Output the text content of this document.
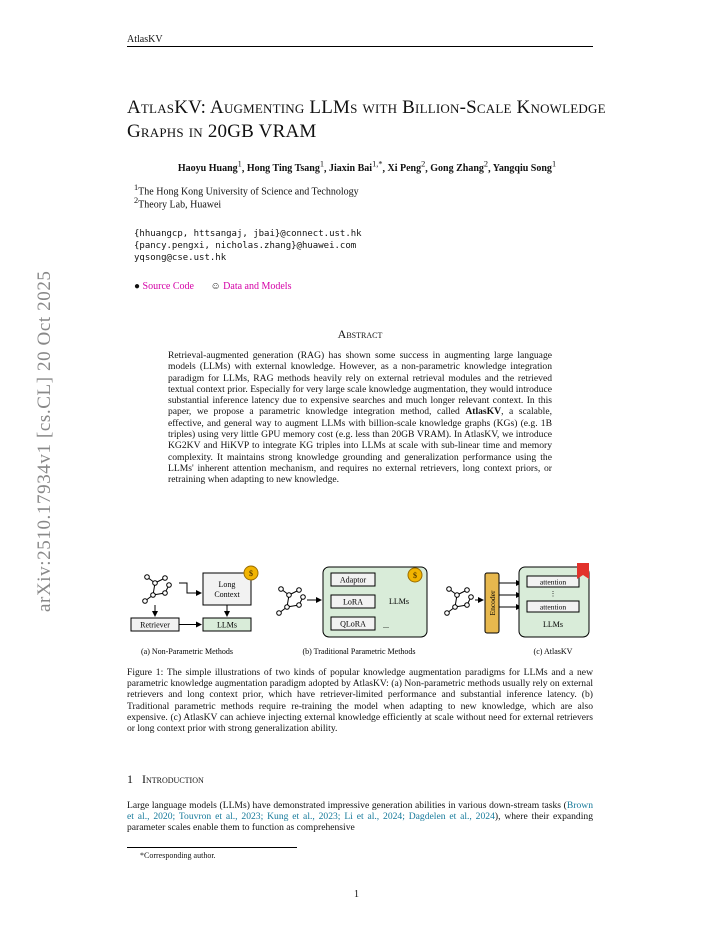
AtlasKV
AtlasKV: Augmenting LLMs with Billion-Scale Knowledge Graphs in 20GB VRAM
Haoyu Huang$^1$, Hong Ting Tsang$^1$, Jiaxin Bai$^{1,*}$, Xi Peng$^2$, Gong Zhang$^2$, Yangqiu Song$^1$
$^1$The Hong Kong University of Science and Technology
$^2$Theory Lab, Huawei
{hhuangcp, httsangaj, jbai}@connect.ust.hk
{pancy.pengxi, nicholas.zhang}@huawei.com
yqsong@cse.ust.hk
● Source Code ☺ Data and Models
Abstract
Retrieval-augmented generation (RAG) has shown some success in augmenting large language models (LLMs) with external knowledge. However, as a non-parametric knowledge integration paradigm for LLMs, RAG methods heavily rely on external retrieval modules and the retrieved textual context prior. Especially for very large scale knowledge augmentation, they would introduce substantial inference latency due to expensive searches and much longer relevant context. In this paper, we propose a parametric knowledge integration method, called AtlasKV, a scalable, effective, and general way to augment LLMs with billion-scale knowledge graphs (KGs) (e.g. 1B triples) using very little GPU memory cost (e.g. less than 20GB VRAM). In AtlasKV, we introduce KG2KV and HiKVP to integrate KG triples into LLMs at scale with sub-linear time and memory complexity. It maintains strong knowledge grounding and generalization performance using the LLMs' inherent attention mechanism, and requires no external retrievers, long context priors, or retraining when adapting to new knowledge.
arXiv:2510.17934v1 [cs.CL] 20 Oct 2025
Retriever	LLMs
Long
Context
$
(a) Non-Parametric Methods
Adaptor
LoRA
QLoRA ...
LLMs
$
(b) Traditional Parametric Methods
Encoder
attention
⋮
attention
LLMs
(c) AtlasKV
Figure 1: The simple illustrations of two kinds of popular knowledge augmentation paradigms for LLMs and a new parametric knowledge augmentation paradigm adopted by AtlasKV: (a) Non-parametric methods usually rely on external retrievers and long context prior, which have retriever-limited performance and substantial inference latency. (b) Traditional parametric methods require re-training the model when adapting to new knowledge, which are also expensive. (c) AtlasKV can achieve injecting external knowledge efficiently at scale without need for external retrievers or long context prior with strong generalization ability.
1 Introduction
Large language models (LLMs) have demonstrated impressive generation abilities in various down-stream tasks (Brown et al., 2020; Touvron et al., 2023; Kung et al., 2023; Li et al., 2024; Dagdelen et al., 2024), where their expanding parameter scales enable them to function as comprehensive
*Corresponding author.
1
